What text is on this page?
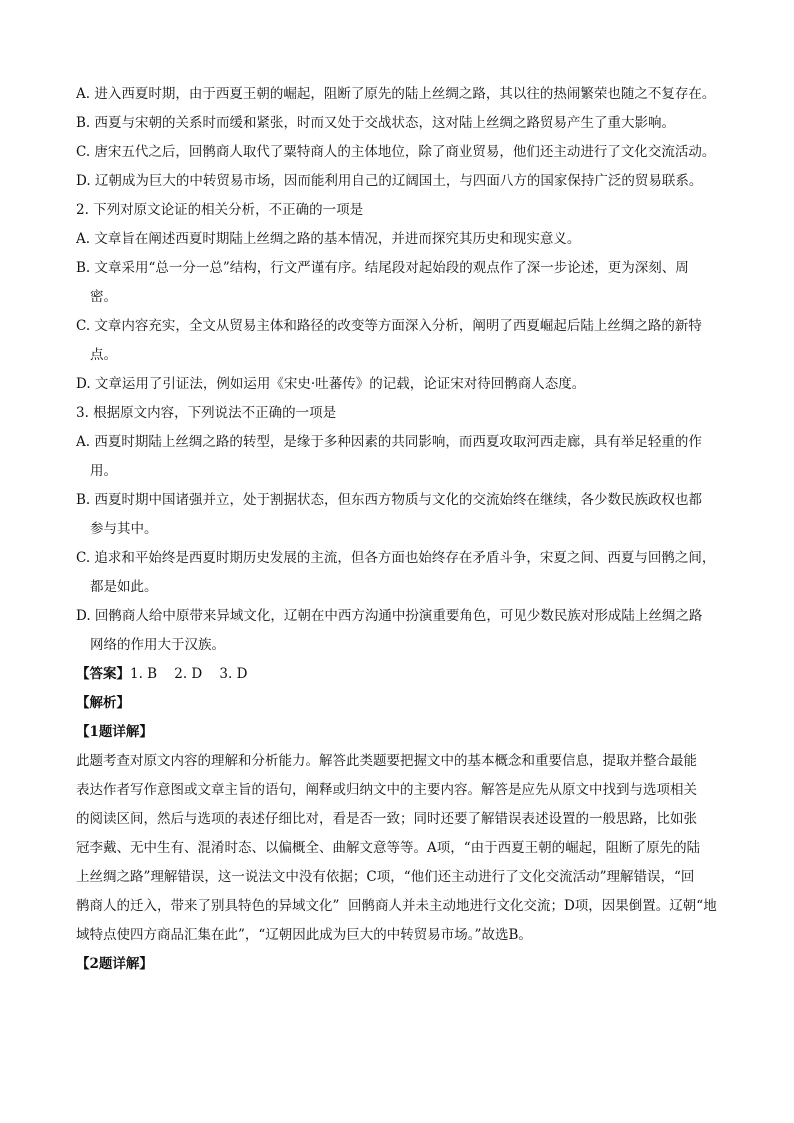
A. 进入西夏时期，由于西夏王朝的崛起，阻断了原先的陆上丝绸之路，其以往的热闹繁荣也随之不复存在。

B. 西夏与宋朝的关系时而缓和紧张，时而又处于交战状态，这对陆上丝绸之路贸易产生了重大影响。

C. 唐宋五代之后，回鹘商人取代了粟特商人的主体地位，除了商业贸易，他们还主动进行了文化交流活动。

D. 辽朝成为巨大的中转贸易市场，因而能利用自己的辽阔国土，与四面八方的国家保持广泛的贸易联系。

2. 下列对原文论证的相关分析，不正确的一项是

A. 文章旨在阐述西夏时期陆上丝绸之路的基本情况，并进而探究其历史和现实意义。

B. 文章采用“总一分一总”结构，行文严谨有序。结尾段对起始段的观点作了深一步论述，更为深刻、周

密。

C. 文章内容充实，全文从贸易主体和路径的改变等方面深入分析，阐明了西夏崛起后陆上丝绸之路的新特

点。

D. 文章运用了引证法，例如运用《宋史·吐蕃传》的记载，论证宋对待回鹘商人态度。

3. 根据原文内容，下列说法不正确的一项是

A. 西夏时期陆上丝绸之路的转型，是缘于多种因素的共同影响，而西夏攻取河西走廊，具有举足轻重的作

用。

B. 西夏时期中国诸强并立，处于割据状态，但东西方物质与文化的交流始终在继续，各少数民族政权也都

参与其中。

C. 追求和平始终是西夏时期历史发展的主流，但各方面也始终存在矛盾斗争，宋夏之间、西夏与回鹘之间，

都是如此。

D. 回鹘商人给中原带来异域文化，辽朝在中西方沟通中扮演重要角色，可见少数民族对形成陆上丝绸之路

网络的作用大于汉族。

【答案】1. B    2. D    3. D

【解析】

【1题详解】

此题考查对原文内容的理解和分析能力。解答此类题要把握文中的基本概念和重要信息，提取并整合最能

表达作者写作意图或文章主旨的语句，阐释或归纳文中的主要内容。解答是应先从原文中找到与选项相关

的阅读区间，然后与选项的表述仔细比对，看是否一致；同时还要了解错误表述设置的一般思路，比如张

冠李戴、无中生有、混淆时态、以偏概全、曲解文意等等。A项，“由于西夏王朝的崛起，阻断了原先的陆

上丝绸之路”理解错误，这一说法文中没有依据；C项，“他们还主动进行了文化交流活动”理解错误，“回

鹘商人的迁入，带来了别具特色的异域文化”  回鹘商人并未主动地进行文化交流；D项，因果倒置。辽朝“地

域特点使四方商品汇集在此”，“辽朝因此成为巨大的中转贸易市场。”故选B。

【2题详解】
